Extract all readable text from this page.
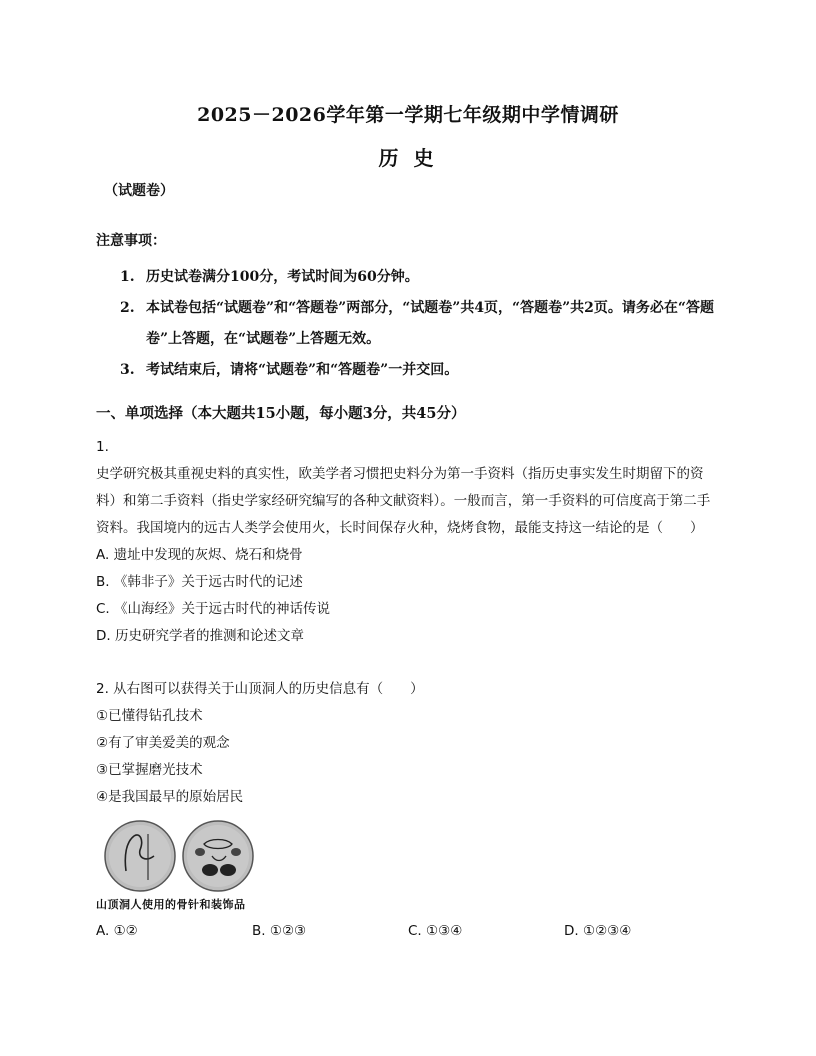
2025－2026学年第一学期七年级期中学情调研
历 史
（试题卷）
注意事项：
1. 历史试卷满分100分，考试时间为60分钟。
2. 本试卷包括“试题卷”和“答题卷”两部分，“试题卷”共4页，“答题卷”共2页。请务必在“答题卷”上答题，在“试题卷”上答题无效。
3. 考试结束后，请将“试题卷”和“答题卷”一并交回。
一、单项选择（本大题共15小题，每小题3分，共45分）
1.
史学研究极其重视史料的真实性，欧美学者习惯把史料分为第一手资料（指历史事实发生时期留下的资料）和第二手资料（指史学家经研究编写的各种文献资料）。一般而言，第一手资料的可信度高于第二手资料。我国境内的远古人类学会使用火，长时间保存火种，烧烤食物，最能支持这一结论的是（　　）
A. 遗址中发现的灰烬、烧石和烧骨
B. 《韩非子》关于远古时代的记述
C. 《山海经》关于远古时代的神话传说
D. 历史研究学者的推测和论述文章
2. 从右图可以获得关于山顶洞人的历史信息有（　　）
①已懂得钻孔技术
②有了审美爱美的观念
③已掌握磨光技术
④是我国最早的原始居民
山顶洞人使用的骨针和装饰品
A. ①②	B. ①②③	C. ①③④	D. ①②③④
